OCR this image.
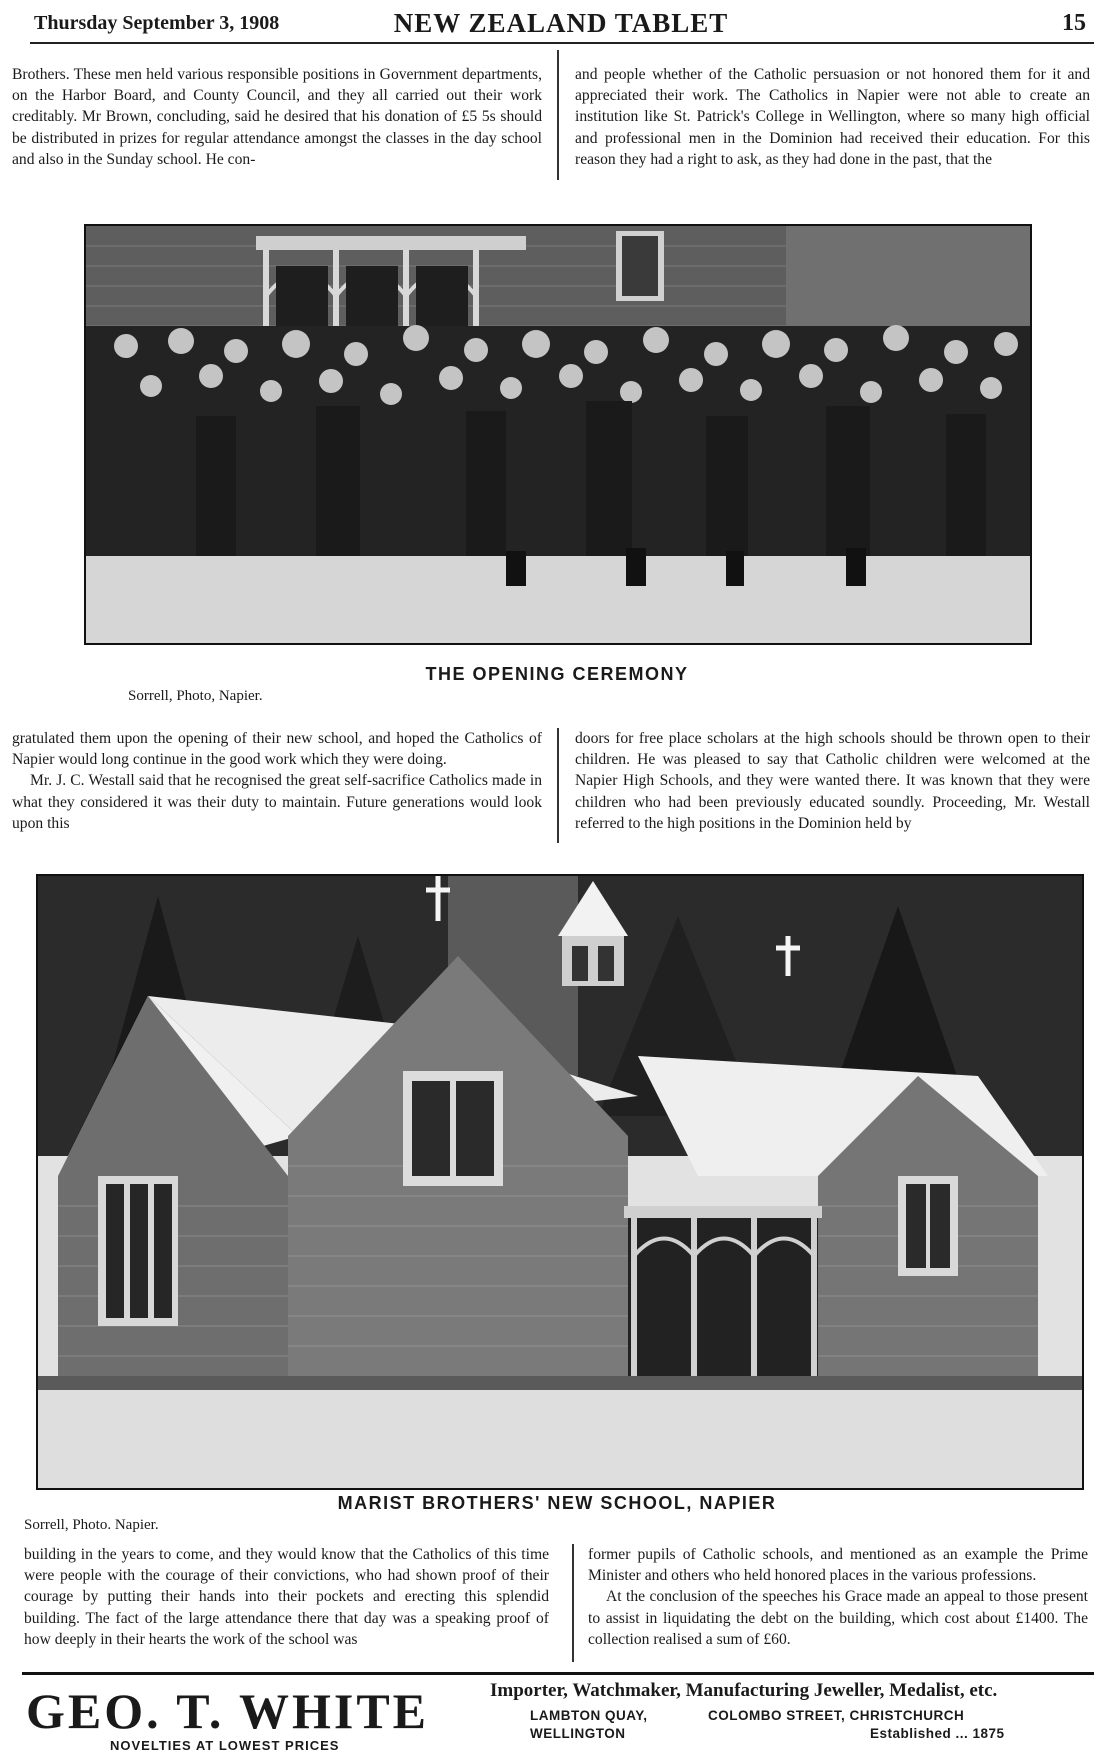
Thursday September 3, 1908	NEW ZEALAND TABLET	15

Brothers. These men held various responsible positions in Government departments, on the Harbor Board, and County Council, and they all carried out their work creditably. Mr Brown, concluding, said he desired that his donation of £5 5s should be distributed in prizes for regular attendance amongst the classes in the day school and also in the Sunday school. He con-

and people whether of the Catholic persuasion or not honored them for it and appreciated their work. The Catholics in Napier were not able to create an institution like St. Patrick's College in Wellington, where so many high official and professional men in the Dominion had received their education. For this reason they had a right to ask, as they had done in the past, that the

THE OPENING CEREMONY
Sorrell, Photo, Napier.

gratulated them upon the opening of their new school, and hoped the Catholics of Napier would long continue in the good work which they were doing.

Mr. J. C. Westall said that he recognised the great self-sacrifice Catholics made in what they considered it was their duty to maintain. Future generations would look upon this

doors for free place scholars at the high schools should be thrown open to their children. He was pleased to say that Catholic children were welcomed at the Napier High Schools, and they were wanted there. It was known that they were children who had been previously educated soundly. Proceeding, Mr. Westall referred to the high positions in the Dominion held by

MARIST BROTHERS' NEW SCHOOL, NAPIER
Sorrell, Photo. Napier.

building in the years to come, and they would know that the Catholics of this time were people with the courage of their convictions, who had shown proof of their courage by putting their hands into their pockets and erecting this splendid building. The fact of the large attendance there that day was a speaking proof of how deeply in their hearts the work of the school was

former pupils of Catholic schools, and mentioned as an example the Prime Minister and others who held honored places in the various professions.

At the conclusion of the speeches his Grace made an appeal to those present to assist in liquidating the debt on the building, which cost about £1400. The collection realised a sum of £60.

GEO. T. WHITE
NOVELTIES AT LOWEST PRICES
Importer, Watchmaker, Manufacturing Jeweller, Medalist, etc.
LAMBTON QUAY,
WELLINGTON
COLOMBO STREET, CHRISTCHURCH
Established ... 1875
